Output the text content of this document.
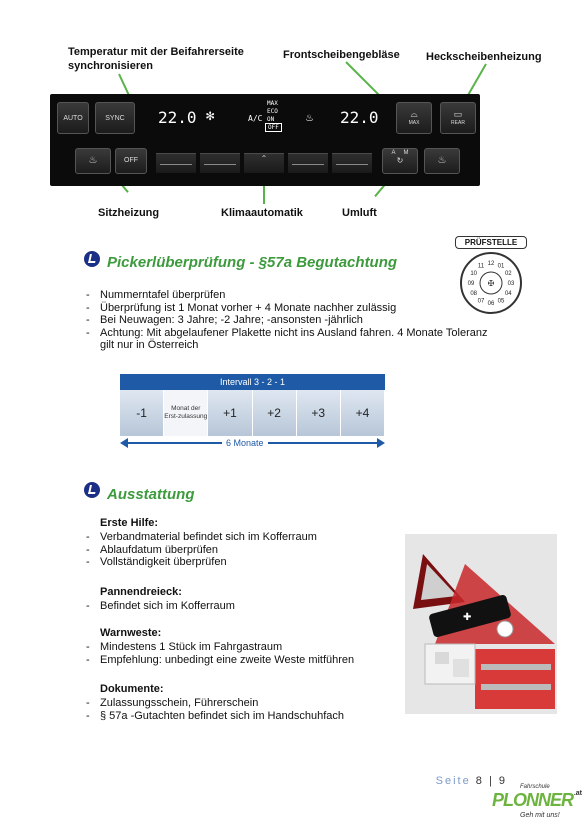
Temperatur mit der Beifahrerseite synchronisieren
Frontscheibengebläse Heckscheibenheizung
Sitzheizung	Klimaautomatik	Umluft
AUTO	SYNC	22.0 ✻	A/C
MAX
ECO
ON
OFF
♨ 22.0	⌓
MAX
▭
REAR
♨	OFF	⌃
A M
↻	♨
Pickerlüberprüfung - §57a Begutachtung
PRÜFSTELLE
12 01
02
03
04
05
06
07
08
09
10
11
✠
- Nummerntafel überprüfen
- Überprüfung ist 1 Monat vorher + 4 Monate nachher zulässig
- Bei Neuwagen: 3 Jahre; -2 Jahre; -ansonsten -jährlich
- Achtung: Mit abgelaufener Plakette nicht ins Ausland fahren. 4 Monate Toleranz gilt nur in Österreich
Intervall 3 - 2 - 1
-1	Monat der Erst-zulassung	+1	+2	+3	+4
6 Monate
Ausstattung
Erste Hilfe:
- Verbandmaterial befindet sich im Kofferraum
- Ablaufdatum überprüfen
- Vollständigkeit überprüfen
Pannendreieck:
- Befindet sich im Kofferraum
Warnweste:
- Mindestens 1 Stück im Fahrgastraum
- Empfehlung: unbedingt eine zweite Weste mitführen
Dokumente:
- Zulassungsschein, Führerschein
- § 57a -Gutachten befindet sich im Handschuhfach
✚
Seite 8 | 9 Fahrschule
PLONNER .at
Geh mit uns!
